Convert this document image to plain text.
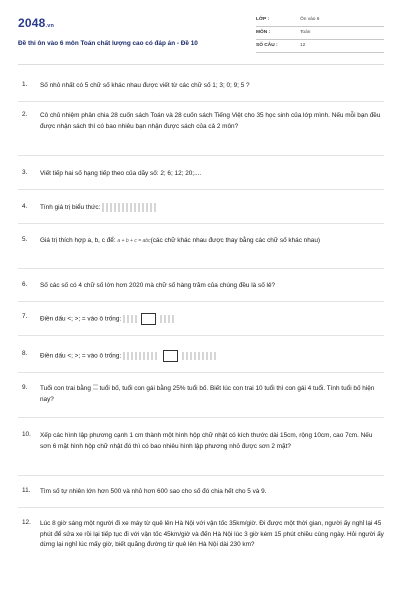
2048.vn
Đề thi ôn vào 6 môn Toán chất lượng cao có đáp án - Đề 10
LỚP :	Ôn vào 6
MÔN :	Toán
SỐ CÂU :	12
1. Số nhỏ nhất có 5 chữ số khác nhau được viết từ các chữ số 1; 3; 0; 9; 5 ?
2. Cô chủ nhiệm phân chia 28 cuốn sách Toán và 28 cuốn sách Tiếng Việt cho 35 học sinh của lớp mình. Nếu mỗi bạn đều được nhận sách thì có bao nhiêu bạn nhận được sách của cả 2 môn?
3. Viết tiếp hai số hạng tiếp theo của dãy số: 2; 6; 12; 20;....
4. Tính giá trị biểu thức:
5. Giá trị thích hợp a, b, c để: a + b + c = abc(các chữ khác nhau được thay bằng các chữ số khác nhau)
6. Số các số có 4 chữ số lớn hơn 2020 mà chữ số hàng trăm của chúng đều là số lẻ?
7. Điền dấu <; >; = vào ô trống:
8. Điền dấu <; >; = vào ô trống:
9. Tuổi con trai bằng tuổi bố, tuổi con gái bằng 25% tuổi bố. Biết lúc con trai 10 tuổi thì con gái 4 tuổi. Tính tuổi bố hiện nay?
10. Xếp các hình lập phương cạnh 1 cm thành một hình hộp chữ nhật có kích thước dài 15cm, rộng 10cm, cao 7cm. Nếu sơn 6 mặt hình hộp chữ nhật đó thì có bao nhiêu hình lập phương nhỏ được sơn 2 mặt?
11. Tìm số tự nhiên lớn hơn 500 và nhỏ hơn 600 sao cho số đó chia hết cho 5 và 9.
12. Lúc 8 giờ sáng một người đi xe máy từ quê lên Hà Nội với vận tốc 35km/giờ. Đi được một thời gian, người ấy nghỉ lại 45 phút để sửa xe rồi lại tiếp tục đi với vận tốc 45km/giờ và đến Hà Nội lúc 3 giờ kém 15 phút chiều cùng ngày. Hỏi người ấy dừng lại nghỉ lúc mấy giờ, biết quãng đường từ quê lên Hà Nội dài 230 km?
